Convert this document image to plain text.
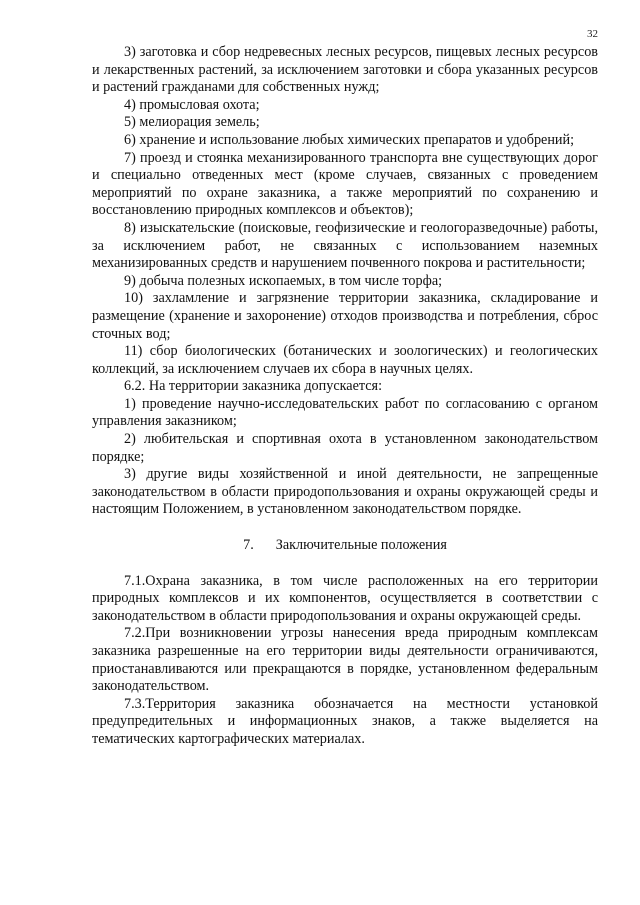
32

3) заготовка и сбор недревесных лесных ресурсов, пищевых лесных ресурсов и лекарственных растений, за исключением заготовки и сбора указанных ресурсов и растений гражданами для собственных нужд;

4) промысловая охота;

5) мелиорация земель;

6) хранение и использование любых химических препаратов и удобрений;

7) проезд и стоянка механизированного транспорта вне существующих дорог и специально отведенных мест (кроме случаев, связанных с проведением мероприятий по охране заказника, а также мероприятий по сохранению и восстановлению природных комплексов и объектов);

8) изыскательские (поисковые, геофизические и геологоразведочные) работы, за исключением работ, не связанных с использованием наземных механизированных средств и нарушением почвенного покрова и растительности;

9) добыча полезных ископаемых, в том числе торфа;

10) захламление и загрязнение территории заказника, складирование и размещение (хранение и захоронение) отходов производства и потребления, сброс сточных вод;

11) сбор биологических (ботанических и зоологических) и геологических коллекций, за исключением случаев их сбора в научных целях.

6.2. На территории заказника допускается:

1) проведение научно-исследовательских работ по согласованию с органом управления заказником;

2) любительская и спортивная охота в установленном законодательством порядке;

3) другие виды хозяйственной и иной деятельности, не запрещенные законодательством в области природопользования и охраны окружающей среды и настоящим Положением, в установленном законодательством порядке.

7. Заключительные положения

7.1.Охрана заказника, в том числе расположенных на его территории природных комплексов и их компонентов, осуществляется в соответствии с законодательством в области природопользования и охраны окружающей среды.

7.2.При возникновении угрозы нанесения вреда природным комплексам заказника разрешенные на его территории виды деятельности ограничиваются, приостанавливаются или прекращаются в порядке, установленном федеральным законодательством.

7.3.Территория заказника обозначается на местности установкой предупредительных и информационных знаков, а также выделяется на тематических картографических материалах.
